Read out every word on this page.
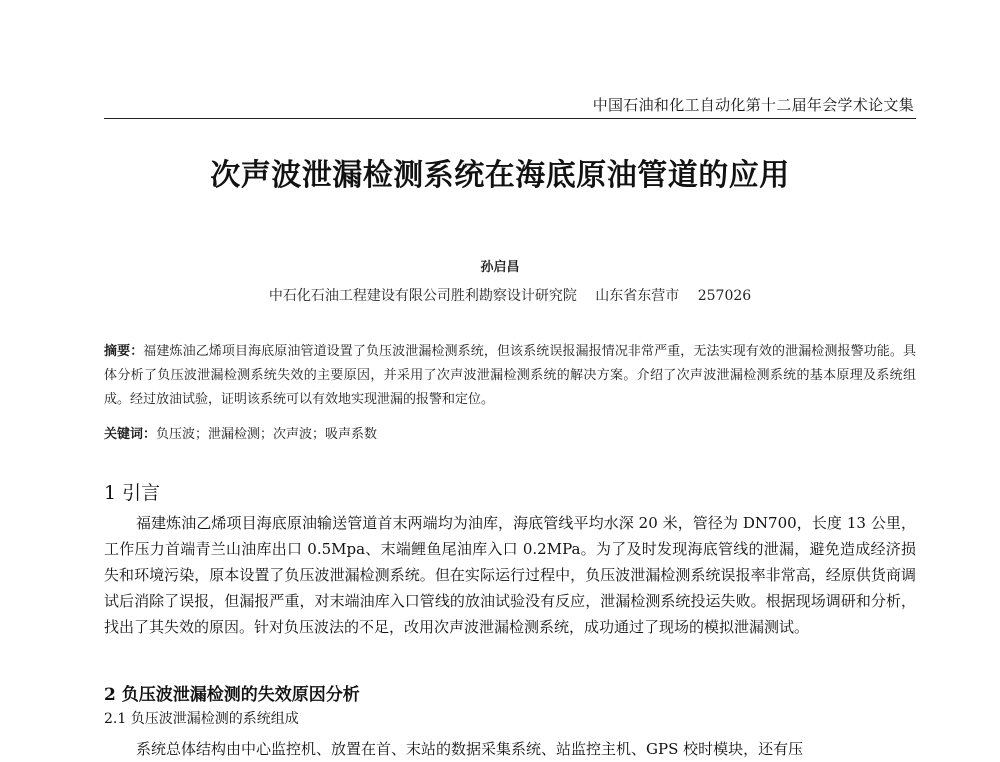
中国石油和化工自动化第十二届年会学术论文集
次声波泄漏检测系统在海底原油管道的应用
孙启昌
中石化石油工程建设有限公司胜利勘察设计研究院 山东省东营市 257026
摘要：福建炼油乙烯项目海底原油管道设置了负压波泄漏检测系统，但该系统误报漏报情况非常严重，无法实现有效的泄漏检测报警功能。具体分析了负压波泄漏检测系统失效的主要原因，并采用了次声波泄漏检测系统的解决方案。介绍了次声波泄漏检测系统的基本原理及系统组成。经过放油试验，证明该系统可以有效地实现泄漏的报警和定位。
关键词：负压波；泄漏检测；次声波；吸声系数
1 引言
福建炼油乙烯项目海底原油输送管道首末两端均为油库，海底管线平均水深 20 米，管径为 DN700，长度 13 公里，工作压力首端青兰山油库出口 0.5Mpa、末端鲤鱼尾油库入口 0.2MPa。为了及时发现海底管线的泄漏，避免造成经济损失和环境污染，原本设置了负压波泄漏检测系统。但在实际运行过程中，负压波泄漏检测系统误报率非常高，经原供货商调试后消除了误报，但漏报严重，对末端油库入口管线的放油试验没有反应，泄漏检测系统投运失败。根据现场调研和分析，找出了其失效的原因。针对负压波法的不足，改用次声波泄漏检测系统，成功通过了现场的模拟泄漏测试。
2 负压波泄漏检测的失效原因分析
2.1 负压波泄漏检测的系统组成
系统总体结构由中心监控机、放置在首、末站的数据采集系统、站监控主机、GPS 校时模块，还有压
